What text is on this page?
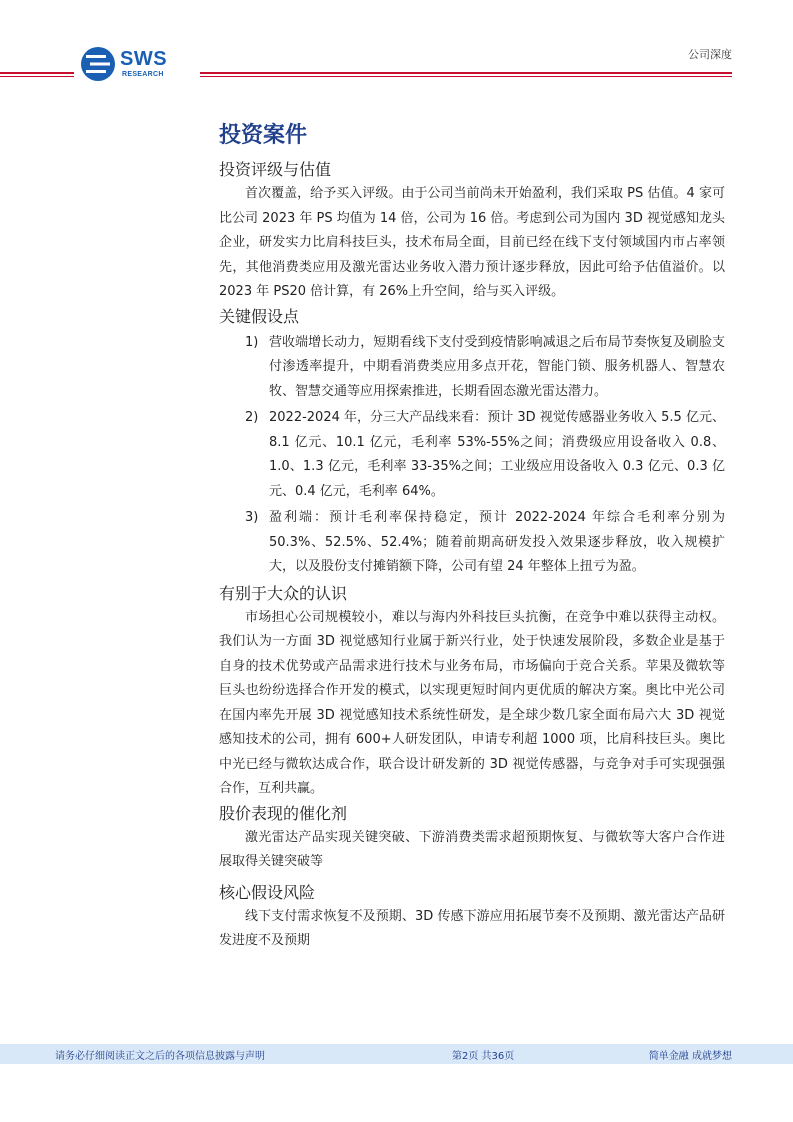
SWS
RESEARCH
公司深度
投资案件
投资评级与估值

首次覆盖，给予买入评级。由于公司当前尚未开始盈利，我们采取 PS 估值。4 家可比公司 2023 年 PS 均值为 14 倍，公司为 16 倍。考虑到公司为国内 3D 视觉感知龙头企业，研发实力比肩科技巨头，技术布局全面，目前已经在线下支付领域国内市占率领先，其他消费类应用及激光雷达业务收入潜力预计逐步释放，因此可给予估值溢价。以 2023 年 PS20 倍计算，有 26%上升空间，给与买入评级。

关键假设点
1) 营收端增长动力，短期看线下支付受到疫情影响减退之后布局节奏恢复及刷脸支付渗透率提升，中期看消费类应用多点开花，智能门锁、服务机器人、智慧农牧、智慧交通等应用探索推进，长期看固态激光雷达潜力。
2) 2022-2024 年，分三大产品线来看：预计 3D 视觉传感器业务收入 5.5 亿元、8.1 亿元、10.1 亿元，毛利率 53%-55%之间；消费级应用设备收入 0.8、1.0、1.3 亿元，毛利率 33-35%之间；工业级应用设备收入 0.3 亿元、0.3 亿元、0.4 亿元，毛利率 64%。
3) 盈利端：预计毛利率保持稳定，预计 2022-2024 年综合毛利率分别为 50.3%、52.5%、52.4%；随着前期高研发投入效果逐步释放，收入规模扩大，以及股份支付摊销额下降，公司有望 24 年整体上扭亏为盈。
有别于大众的认识

市场担心公司规模较小，难以与海内外科技巨头抗衡，在竞争中难以获得主动权。我们认为一方面 3D 视觉感知行业属于新兴行业，处于快速发展阶段，多数企业是基于自身的技术优势或产品需求进行技术与业务布局，市场偏向于竞合关系。苹果及微软等巨头也纷纷选择合作开发的模式，以实现更短时间内更优质的解决方案。奥比中光公司在国内率先开展 3D 视觉感知技术系统性研发，是全球少数几家全面布局六大 3D 视觉感知技术的公司，拥有 600+人研发团队，申请专利超 1000 项，比肩科技巨头。奥比中光已经与微软达成合作，联合设计研发新的 3D 视觉传感器，与竞争对手可实现强强合作，互利共赢。

股价表现的催化剂

激光雷达产品实现关键突破、下游消费类需求超预期恢复、与微软等大客户合作进展取得关键突破等

核心假设风险

线下支付需求恢复不及预期、3D 传感下游应用拓展节奏不及预期、激光雷达产品研发进度不及预期

请务必仔细阅读正文之后的各项信息披露与声明	第2页 共36页	简单金融 成就梦想
